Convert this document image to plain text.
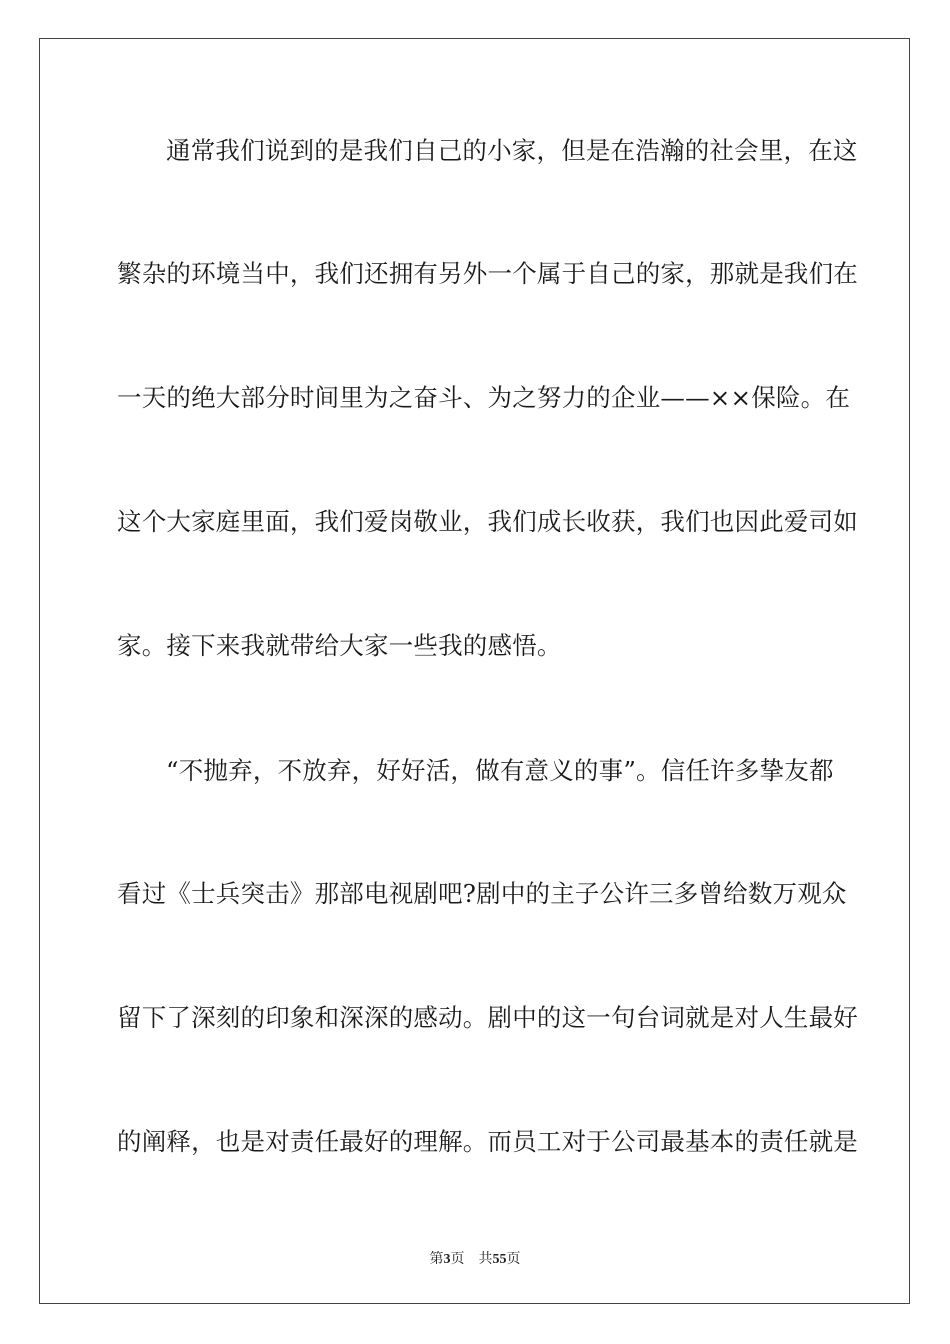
通常我们说到的是我们自己的小家，但是在浩瀚的社会里，在这
繁杂的环境当中，我们还拥有另外一个属于自己的家，那就是我们在
一天的绝大部分时间里为之奋斗、为之努力的企业——××保险。在
这个大家庭里面，我们爱岗敬业，我们成长收获，我们也因此爱司如
家。接下来我就带给大家一些我的感悟。
“不抛弃，不放弃，好好活，做有意义的事”。信任许多挚友都
看过《士兵突击》那部电视剧吧?剧中的主子公许三多曾给数万观众
留下了深刻的印象和深深的感动。剧中的这一句台词就是对人生最好
的阐释，也是对责任最好的理解。而员工对于公司最基本的责任就是
第3页 共55页
